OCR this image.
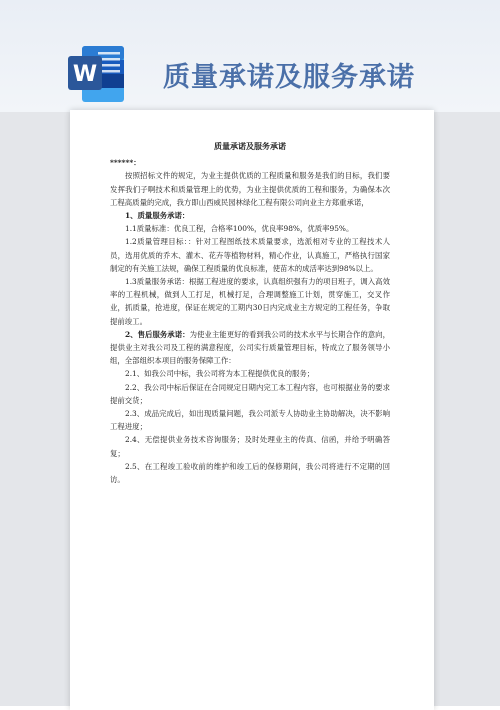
W 质量承诺及服务承诺
质量承诺及服务承诺

******：

按照招标文件的规定，为业主提供优质的工程质量和服务是我们的目标，我们要发挥我们子啊技术和质量管理上的优势，为业主提供优质的工程和服务，为确保本次工程高质量的完成，我方即山西威民园林绿化工程有限公司向业主方郑重承诺，

1、质量服务承诺：

1.1质量标准：优良工程，合格率100%，优良率98%，优质率95%。

1.2质量管理目标：：针对工程图纸技术质量要求，选派相对专业的工程技术人员，选用优质的乔木、灌木、花卉等植物材料，精心作业，认真施工，严格执行国家制定的有关施工法规，确保工程质量的优良标准，使苗木的成活率达到98%以上。

1.3质量服务承诺：根据工程进度的要求，认真组织强有力的项目班子，调入高效率的工程机械，做到人工打足，机械打足，合理调整施工计划，贯穿施工，交叉作业，抓质量，抢进度，保证在规定的工期内30日内完成业主方规定的工程任务，争取提前竣工。

2、售后服务承诺：为使业主能更好的看到我公司的技术水平与长期合作的意向，提供业主对我公司及工程的满意程度，公司实行质量管理目标，特成立了服务领导小组，全部组织本项目的服务保障工作：

2.1、如我公司中标，我公司将为本工程提供优良的服务；

2.2、我公司中标后保证在合同规定日期内完工本工程内容，也可根据业务的要求提前交货；

2.3、成品完成后，如出现质量问题，我公司派专人协助业主协助解决，决不影响工程进度；

2.4、无偿提供业务技术咨询服务；及时处理业主的传真、信函，并给予明确答复；

2.5、在工程竣工验收前的维护和竣工后的保修期间，我公司将进行不定期的回访。
